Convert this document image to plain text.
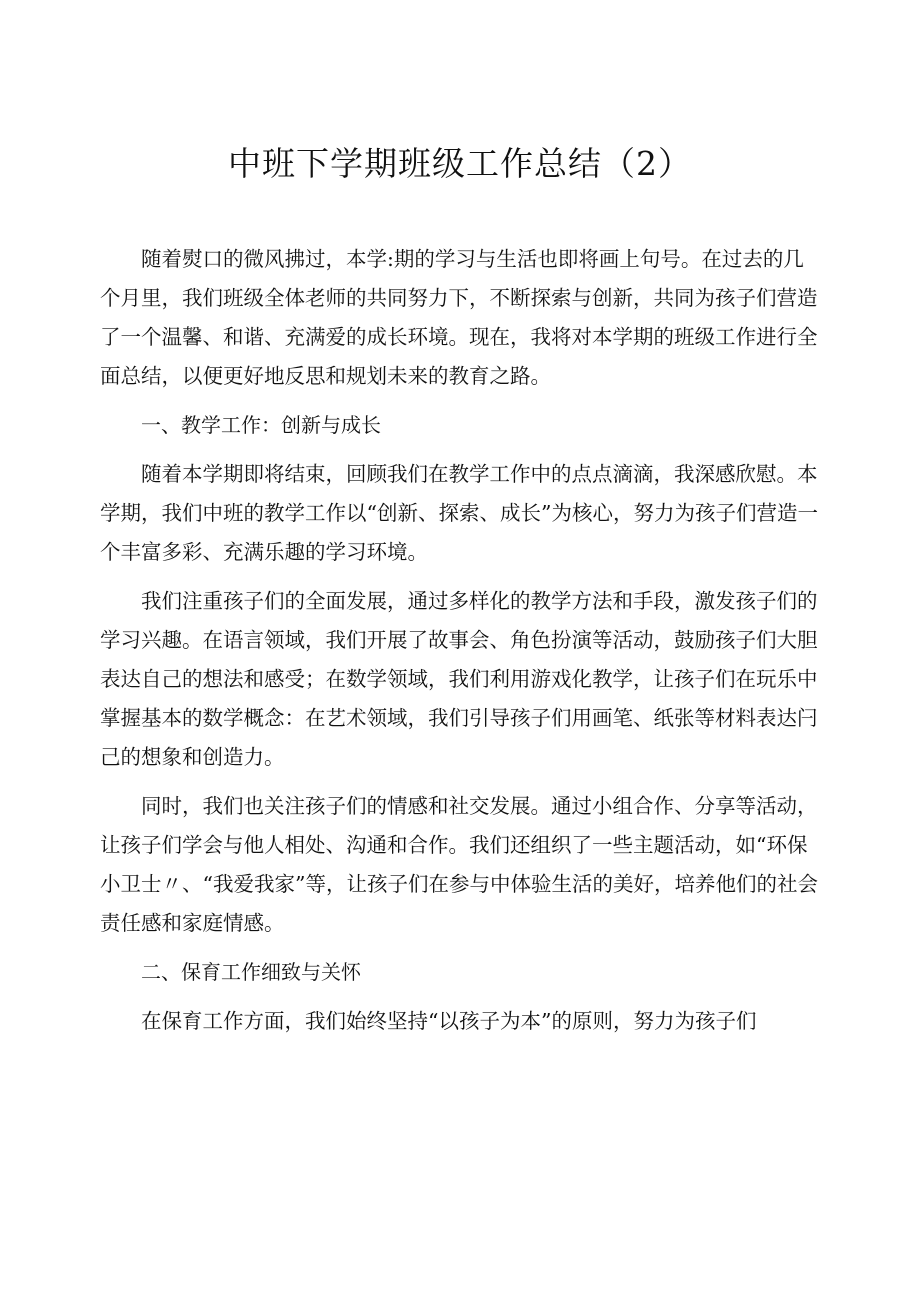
中班下学期班级工作总结（2）

随着熨口的微风拂过，本学:期的学习与生活也即将画上句号。在过去的几个月里，我们班级全体老师的共同努力下，不断探索与创新，共同为孩子们营造了一个温馨、和谐、充满爱的成长环境。现在，我将对本学期的班级工作进行全面总结，以便更好地反思和规划未来的教育之路。

一、教学工作：创新与成长

随着本学期即将结束，回顾我们在教学工作中的点点滴滴，我深感欣慰。本学期，我们中班的教学工作以“创新、探索、成长”为核心，努力为孩子们营造一个丰富多彩、充满乐趣的学习环境。

我们注重孩子们的全面发展，通过多样化的教学方法和手段，激发孩子们的学习兴趣。在语言领域，我们开展了故事会、角色扮演等活动，鼓励孩子们大胆表达自己的想法和感受；在数学领域，我们利用游戏化教学，让孩子们在玩乐中掌握基本的数学概念：在艺术领域，我们引导孩子们用画笔、纸张等材料表达闩己的想象和创造力。

同时，我们也关注孩子们的情感和社交发展。通过小组合作、分享等活动，让孩子们学会与他人相处、沟通和合作。我们还组织了一些主题活动，如“环保小卫士〃、“我爱我家”等，让孩子们在参与中体验生活的美好，培养他们的社会责任感和家庭情感。

二、保育工作细致与关怀

在保育工作方面，我们始终坚持“以孩子为本”的原则，努力为孩子们
